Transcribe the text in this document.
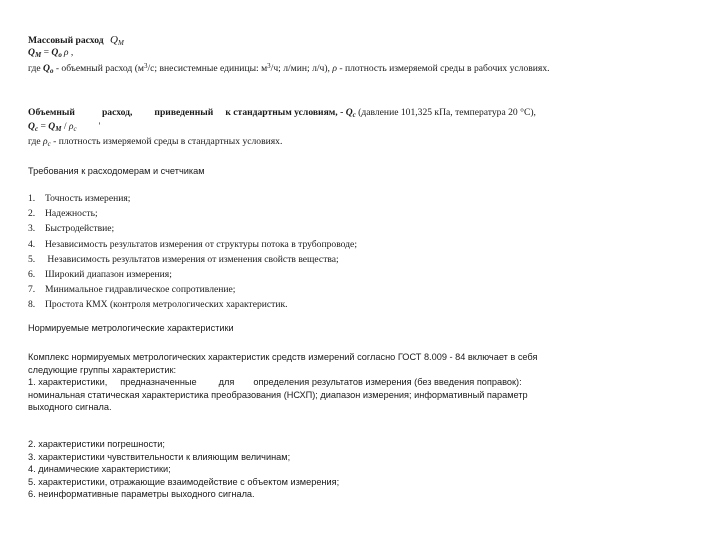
Массовый расход $Q_M$
$Q_M = Q_o$ ρ ,
где $Q_о$ - объемный расход ($м^3/с$; внесистемные единицы: $м^3/ч$; л/мин; л/ч), ρ - плотность измеряемой среды в рабочих условиях.
Объемный	расход, приведенный к стандартным условиям, - $Q_c$ (давление 101,325 кПа, температура 20 °С),
$Q_c = Q_M / \rho_c$ '
где $\rho_c$ - плотность измеряемой среды в стандартных условиях.
Требования к расходомерам и счетчикам
1. Точность измерения;
2. Надежность;
3. Быстродействие;
4. Независимость результатов измерения от структуры потока в трубопроводе;
5. Независимость результатов измерения от изменения свойств вещества;
6. Широкий диапазон измерения;
7. Минимальное гидравлическое сопротивление;
8. Простота КМХ (контроля метрологических характеристик.
Нормируемые метрологические характеристики

Комплекс нормируемых метрологических характеристик средств измерений согласно ГОСТ 8.009 - 84 включает в себя

следующие группы характеристик:

1. характеристики, предназначенные для определения результатов измерения (без введения поправок):

номинальная статическая характеристика преобразования (НСХП); диапазон измерения; информативный параметр

выходного сигнала.

2. характеристики погрешности;

3. характеристики чувствительности к влияющим величинам;

4. динамические характеристики;

5. характеристики, отражающие взаимодействие с объектом измерения;

6. неинформативные параметры выходного сигнала.
